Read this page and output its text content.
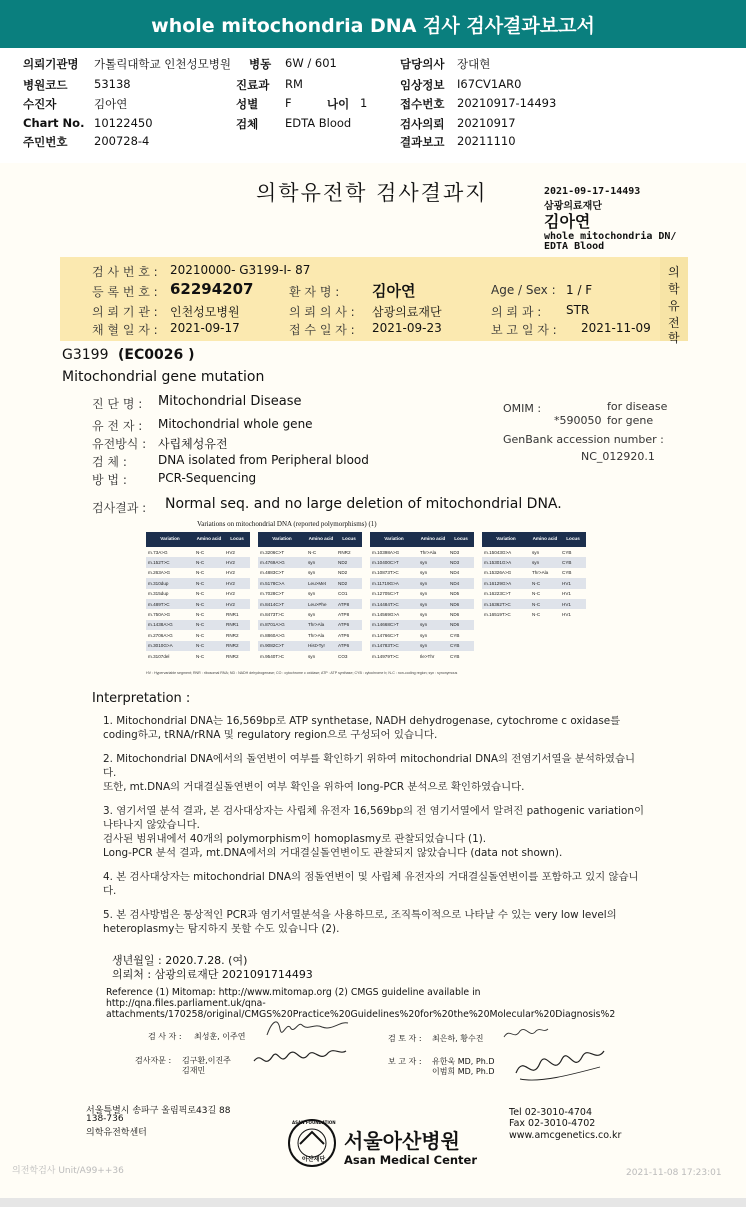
whole mitochondria DNA 검사 검사결과보고서
의뢰기관명 가톨릭대학교 인천성모병원 병동 6W / 601	담당의사 장대현
병원코드 53138	진료과 RM	임상정보 I67CV1AR0
수진자	김아연	성별 F	나이 1	접수번호 20210917-14493
Chart No. 10122450	검체 EDTA Blood	검사의뢰 20210917
주민번호 200728-4	결과보고 20211110
의학유전학 검사결과지	2021-09-17-14493
삼광의료재단
김아연
whole mitochondria DN/
EDTA Blood
검 사 번 호 : 20210000- G3199-I- 87
등 록 번 호 : 62294207	환 자 명 : 김아연	Age / Sex : 1 / F
의 뢰 기 관 : 인천성모병원	의 뢰 의 사 : 삼광의료재단	의 뢰 과 : STR
채 혈 일 자 : 2021-09-17	접 수 일 자 : 2021-09-23	보 고 일 자 : 2021-11-09
의
학
유
전
학
G3199 (EC0026 )
Mitochondrial gene mutation
진 단 명 : Mitochondrial Disease
유 전 자 : Mitochondrial whole gene
유전방식 : 사립체성유전
검 체 :	DNA isolated from Peripheral blood
방 법 :	PCR-Sequencing
OMIM :	for disease
*590050 for gene
GenBank accession number :
NC_012920.1
검사결과 : Normal seq. and no large deletion of mitochondrial DNA.
Variations on mitochondrial DNA (reported polymorphisms) (1)
Variation	Amino acid	Locus		Variation	Amino acid	Locus		Variation	Amino acid	Locus		Variation	Amino acid	Locus
m.73A>G	N-C	HV2		m.3206C>T	N-C	RNR2		m.10398A>G	Thr>Ala	ND3		m.15043G>A	syn	CYB
m.152T>C	N-C	HV2		m.4769A>G	syn	ND2		m.10400C>T	syn	ND3		m.15301G>A	syn	CYB
m.263A>G	N-C	HV2		m.4883C>T	syn	ND2		m.10873T>C	syn	ND4		m.15326A>G	Thr>Ala	CYB
m.310dup	N-C	HV2		m.5178C>A	Leu>Met	ND2		m.11719G>A	syn	ND4		m.16129G>A	N-C	HV1
m.315dup	N-C	HV2		m.7028C>T	syn	CO1		m.12705C>T	syn	ND5		m.16223C>T	N-C	HV1
m.489T>C	N-C	HV2		m.8414C>T	Leu>Phe	ATP8		m.14484T>C	syn	ND6		m.16362T>C	N-C	HV1
m.750A>G	N-C	RNR1		m.8473T>C	syn	ATP8		m.14569G>A	syn	ND6		m.16519T>C	N-C	HV1
m.1438A>G	N-C	RNR1		m.8701A>G	Thr>Ala	ATP6		m.14668C>T	syn	ND6				
m.2706A>G	N-C	RNR2		m.8860A>G	Thr>Ala	ATP6		m.14766C>T	syn	CYB				
m.3010G>A	N-C	RNR2		m.9082C>T	Hist>Tyr	ATP6		m.14783T>C	syn	CYB				
m.3107del	N-C	RNR2		m.9540T>C	syn	CO3		m.14979T>C	Ile>Thr	CYB				
HV : Hypervariable segment; RNR : ribosomal RNA; ND : NADH dehydrogenase; CO : cytochrome c oxidase; ATP : ATP synthase; CYB : cytochrome b; N-C : non-coding region; syn : synonymous
Interpretation :

1. Mitochondrial DNA는 16,569bp로 ATP synthetase, NADH dehydrogenase, cytochrome c oxidase를 coding하고, tRNA/rRNA 및 regulatory region으로 구성되어 있습니다.

2. Mitochondrial DNA에서의 돌연변이 여부를 확인하기 위하여 mitochondrial DNA의 전염기서열을 분석하였습니다.

또한, mt.DNA의 거대결실돌연변이 여부 확인을 위하여 long-PCR 분석으로 확인하였습니다.

3. 염기서열 분석 결과, 본 검사대상자는 사립체 유전자 16,569bp의 전 염기서열에서 알려진 pathogenic variation이 나타나지 않았습니다.

검사된 범위내에서 40개의 polymorphism이 homoplasmy로 관찰되었습니다 (1).

Long-PCR 분석 결과, mt.DNA에서의 거대결실돌연변이도 관찰되지 않았습니다 (data not shown).

4. 본 검사대상자는 mitochondrial DNA의 점돌연변이 및 사립체 유전자의 거대결실돌연변이를 포함하고 있지 않습니다.

5. 본 검사방법은 통상적인 PCR과 염기서열분석을 사용하므로, 조직특이적으로 나타날 수 있는 very low level의 heteroplasmy는 탐지하지 못할 수도 있습니다 (2).

생년월일 : 2020.7.28. (여)
의뢰처 : 삼광의료재단 2021091714493
Reference (1) Mitomap: http://www.mitomap.org (2) CMGS guideline available in
http://qna.files.parliament.uk/qna-
attachments/170258/original/CMGS%20Practice%20Guidelines%20for%20the%20Molecular%20Diagnosis%2
검 사 자 : 최성훈, 이주연	검 토 자 : 최은하, 황수진
검사자문 : 김구환,이진주
김재민
보 고 자 : 유한욱 MD, Ph.D
이범희 MD, Ph.D
서울특별시 송파구 올림픽로43길 88
138-736
의학유전학센터
Tel 02-3010-4704
Fax 02-3010-4702
www.amcgenetics.co.kr
ASAN FOUNDATION
아산재단
서울아산병원
Asan Medical Center
의전학검사 Unit/A99++36	2021-11-08 17:23:01
